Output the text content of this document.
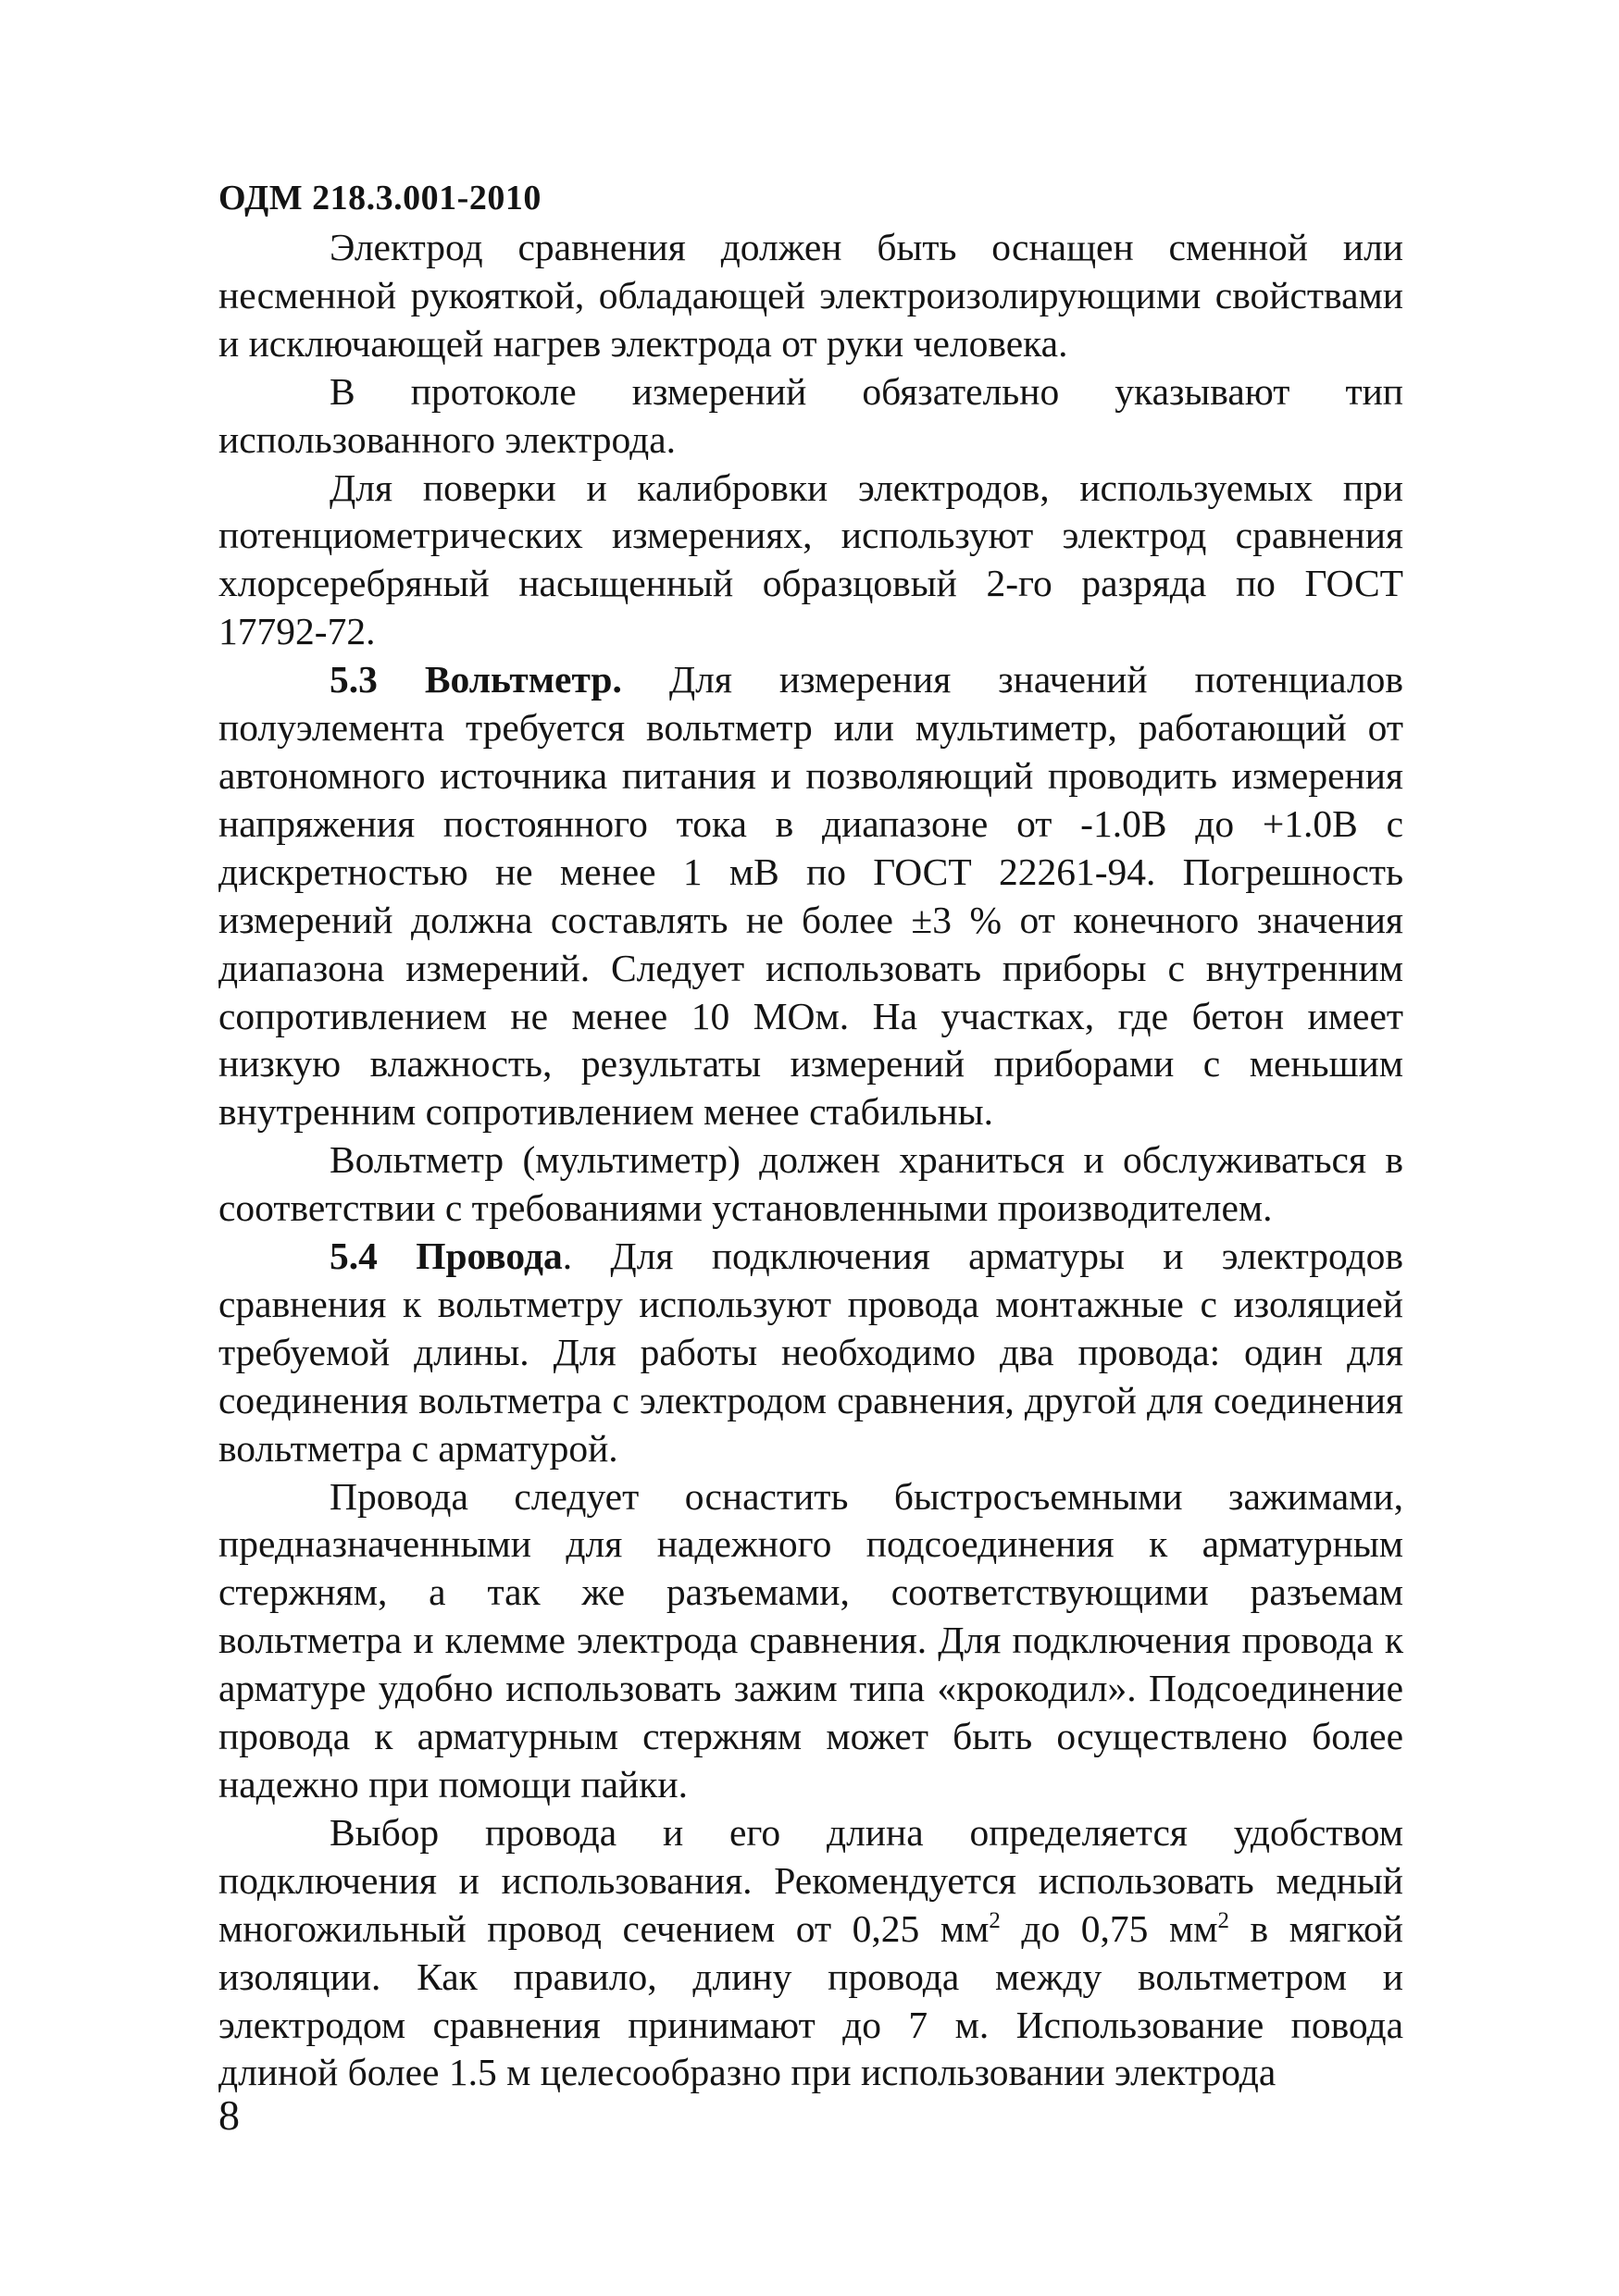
ОДМ 218.3.001-2010

Электрод сравнения должен быть оснащен сменной или несменной рукояткой, обладающей электроизолирующими свойствами и исключающей нагрев электрода от руки человека.

В протоколе измерений обязательно указывают тип использованного электрода.

Для поверки и калибровки электродов, используемых при потенциометрических измерениях, используют электрод сравнения хлорсеребряный насыщенный образцовый 2-го разряда по ГОСТ 17792-72.

5.3 Вольтметр. Для измерения значений потенциалов полуэлемента требуется вольтметр или мультиметр, работающий от автономного источника питания и позволяющий проводить измерения напряжения постоянного тока в диапазоне от -1.0В до +1.0В с дискретностью не менее 1 мВ по ГОСТ 22261-94. Погрешность измерений должна составлять не более ±3 % от конечного значения диапазона измерений. Следует использовать приборы с внутренним сопротивлением не менее 10 МОм. На участках, где бетон имеет низкую влажность, результаты измерений приборами с меньшим внутренним сопротивлением менее стабильны.

Вольтметр (мультиметр) должен храниться и обслуживаться в соответствии с требованиями установленными производителем.

5.4 Провода. Для подключения арматуры и электродов сравнения к вольтметру используют провода монтажные с изоляцией требуемой длины. Для работы необходимо два провода: один для соединения вольтметра с электродом сравнения, другой для соединения вольтметра с арматурой.

Провода следует оснастить быстросъемными зажимами, предназначенными для надежного подсоединения к арматурным стержням, а так же разъемами, соответствующими разъемам вольтметра и клемме электрода сравнения. Для подключения провода к арматуре удобно использовать зажим типа «крокодил». Подсоединение провода к арматурным стержням может быть осуществлено более надежно при помощи пайки.

Выбор провода и его длина определяется удобством подключения и использования. Рекомендуется использовать медный многожильный провод сечением от 0,25 $мм^2$ до 0,75 $мм^2$ в мягкой изоляции. Как правило, длину провода между вольтметром и электродом сравнения принимают до 7 м. Использование повода длиной более 1.5 м целесообразно при использовании электрода

8
